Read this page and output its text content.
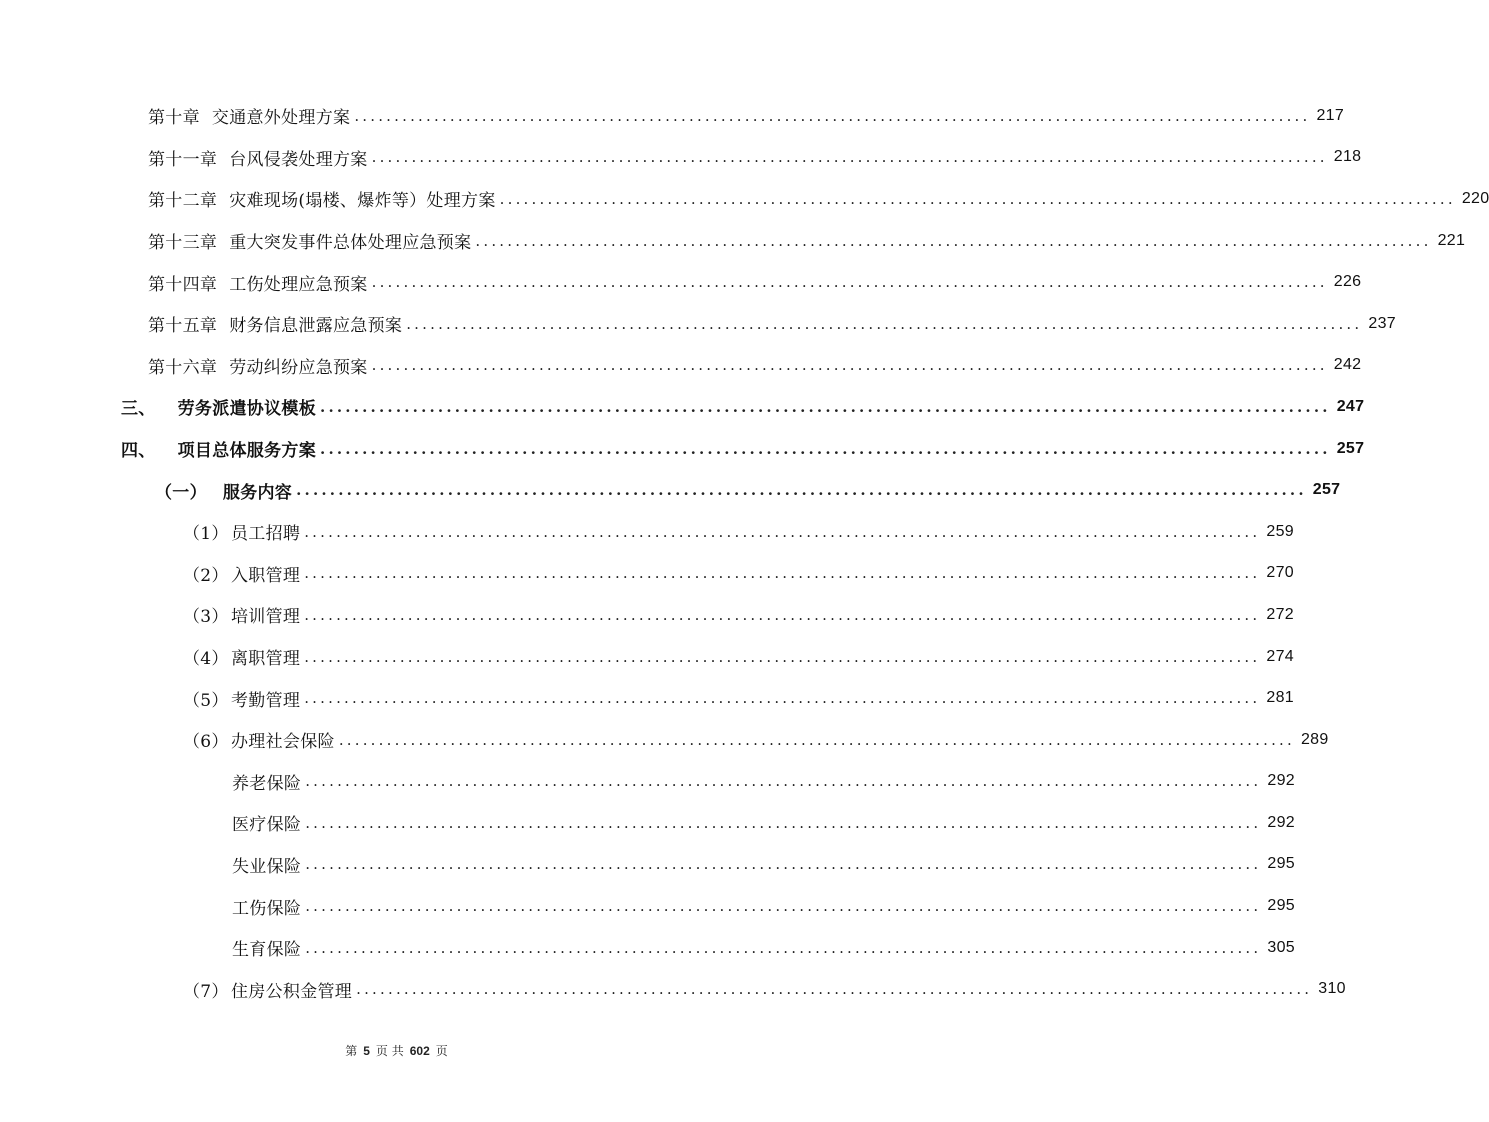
第十章 交通意外处理方案 ........................................................................................................................ 217
第十一章 台风侵袭处理方案 ........................................................................................................................ 218
第十二章 灾难现场(塌楼、爆炸等）处理方案 ........................................................................................................................ 220
第十三章 重大突发事件总体处理应急预案 ........................................................................................................................ 221
第十四章 工伤处理应急预案 ........................................................................................................................ 226
第十五章 财务信息泄露应急预案 ........................................................................................................................ 237
第十六章 劳动纠纷应急预案 ........................................................................................................................ 242
三、 劳务派遣协议模板 ........................................................................................................................ 247
四、 项目总体服务方案 ........................................................................................................................ 257
（一） 服务内容 ........................................................................................................................ 257
（1） 员工招聘 ........................................................................................................................ 259
（2） 入职管理 ........................................................................................................................ 270
（3） 培训管理 ........................................................................................................................ 272
（4） 离职管理 ........................................................................................................................ 274
（5） 考勤管理 ........................................................................................................................ 281
（6） 办理社会保险 ........................................................................................................................ 289
养老保险 ........................................................................................................................ 292
医疗保险 ........................................................................................................................ 292
失业保险 ........................................................................................................................ 295
工伤保险 ........................................................................................................................ 295
生育保险 ........................................................................................................................ 305
（7） 住房公积金管理 ........................................................................................................................ 310
第 5 页 共 602 页
